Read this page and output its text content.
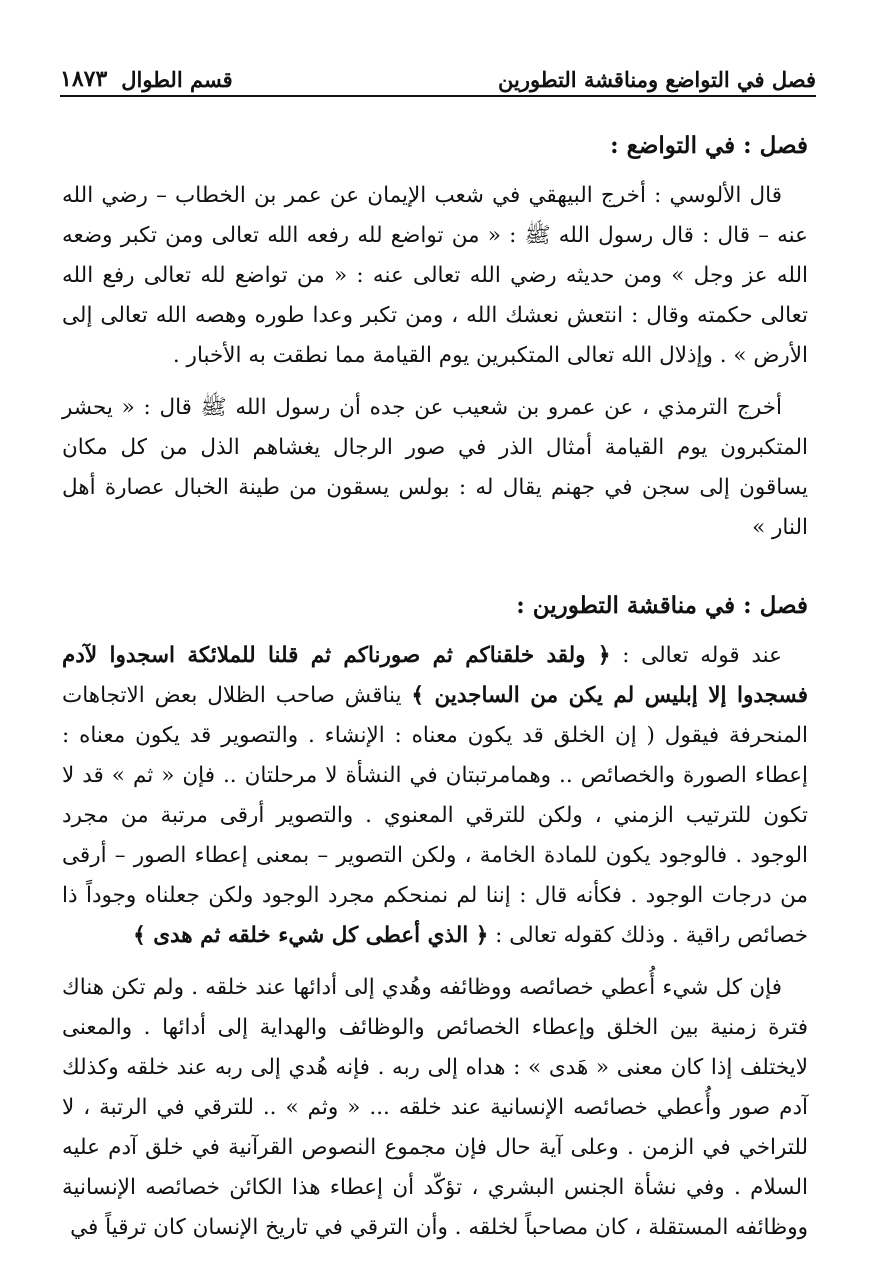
فصل في التواضع ومناقشة التطورين
قسم الطوال
١٨٧٣
فصل : في التواضع :

قال الألوسي : أخرج البيهقي في شعب الإيمان عن عمر بن الخطاب – رضي الله عنه – قال : قال رسول الله ﷺ : « من تواضع لله رفعه الله تعالى ومن تكبر وضعه الله عز وجل » ومن حديثه رضي الله تعالى عنه : « من تواضع لله تعالى رفع الله تعالى حكمته وقال : انتعش نعشك الله ، ومن تكبر وعدا طوره وهصه الله تعالى إلى الأرض » . وإذلال الله تعالى المتكبرين يوم القيامة مما نطقت به الأخبار .

أخرج الترمذي ، عن عمرو بن شعيب عن جده أن رسول الله ﷺ قال : « يحشر المتكبرون يوم القيامة أمثال الذر في صور الرجال يغشاهم الذل من كل مكان يساقون إلى سجن في جهنم يقال له : بولس يسقون من طينة الخبال عصارة أهل النار »

فصل : في مناقشة التطورين :

عند قوله تعالى : ﴿ ولقد خلقناكم ثم صورناكم ثم قلنا للملائكة اسجدوا لآدم فسجدوا إلا إبليس لم يكن من الساجدين ﴾ يناقش صاحب الظلال بعض الاتجاهات المنحرفة فيقول ( إن الخلق قد يكون معناه : الإنشاء . والتصوير قد يكون معناه : إعطاء الصورة والخصائص .. وهمامرتبتان في النشأة لا مرحلتان .. فإن « ثم » قد لا تكون للترتيب الزمني ، ولكن للترقي المعنوي . والتصوير أرقى مرتبة من مجرد الوجود . فالوجود يكون للمادة الخامة ، ولكن التصوير – بمعنى إعطاء الصور – أرقى من درجات الوجود . فكأنه قال : إننا لم نمنحكم مجرد الوجود ولكن جعلناه وجوداً ذا خصائص راقية . وذلك كقوله تعالى : ﴿ الذي أعطى كل شيء خلقه ثم هدى ﴾

فإن كل شيء أُعطي خصائصه ووظائفه وهُدي إلى أدائها عند خلقه . ولم تكن هناك فترة زمنية بين الخلق وإعطاء الخصائص والوظائف والهداية إلى أدائها . والمعنى لايختلف إذا كان معنى « هَدى » : هداه إلى ربه . فإنه هُدي إلى ربه عند خلقه وكذلك آدم صور وأُعطي خصائصه الإنسانية عند خلقه ... « وثم » .. للترقي في الرتبة ، لا للتراخي في الزمن . وعلى آية حال فإن مجموع النصوص القرآنية في خلق آدم عليه السلام . وفي نشأة الجنس البشري ، تؤكّد أن إعطاء هذا الكائن خصائصه الإنسانية ووظائفه المستقلة ، كان مصاحباً لخلقه . وأن الترقي في تاريخ الإنسان كان ترقياً في
